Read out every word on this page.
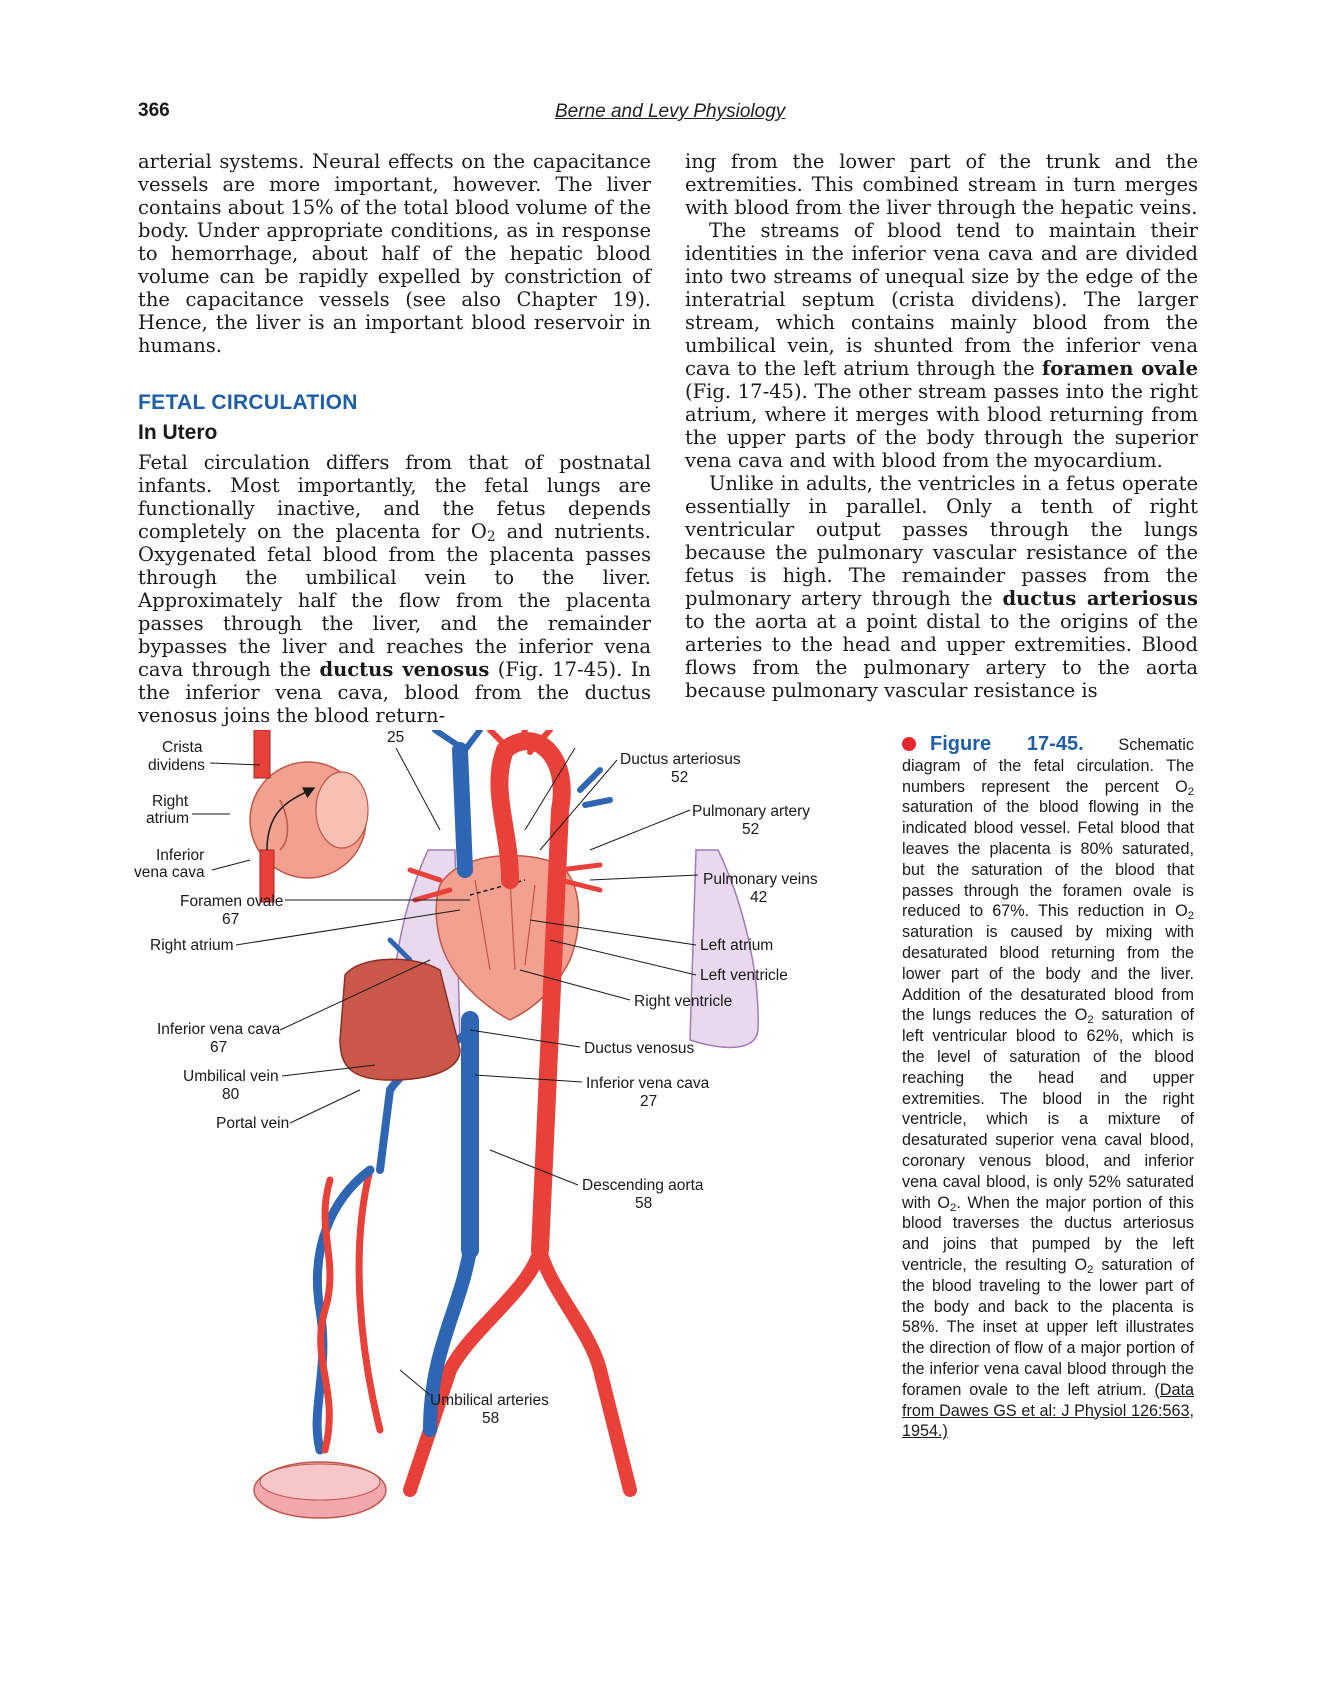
366	Berne and Levy Physiology

arterial systems. Neural effects on the capacitance vessels are more important, however. The liver contains about 15% of the total blood volume of the body. Under appropriate conditions, as in response to hemorrhage, about half of the hepatic blood volume can be rapidly expelled by constriction of the capacitance vessels (see also Chapter 19). Hence, the liver is an important blood reservoir in humans.

FETAL CIRCULATION
In Utero

Fetal circulation differs from that of postnatal infants. Most importantly, the fetal lungs are functionally inactive, and the fetus depends completely on the placenta for $O_2$ and nutrients. Oxygenated fetal blood from the placenta passes through the umbilical vein to the liver. Approximately half the flow from the placenta passes through the liver, and the remainder bypasses the liver and reaches the inferior vena cava through the ductus venosus (Fig. 17-45). In the inferior vena cava, blood from the ductus venosus joins the blood return-

ing from the lower part of the trunk and the extremities. This combined stream in turn merges with blood from the liver through the hepatic veins.

The streams of blood tend to maintain their identities in the inferior vena cava and are divided into two streams of unequal size by the edge of the interatrial septum (crista dividens). The larger stream, which contains mainly blood from the umbilical vein, is shunted from the inferior vena cava to the left atrium through the foramen ovale (Fig. 17-45). The other stream passes into the right atrium, where it merges with blood returning from the upper parts of the body through the superior vena cava and with blood from the myocardium.

Unlike in adults, the ventricles in a fetus operate essentially in parallel. Only a tenth of right ventricular output passes through the lungs because the pulmonary vascular resistance of the fetus is high. The remainder passes from the pulmonary artery through the ductus arteriosus to the aorta at a point distal to the origins of the arteries to the head and upper extremities. Blood flows from the pulmonary artery to the aorta because pulmonary vascular resistance is

Crista
dividens
Right
atrium
Inferior
vena cava
25
Ductus arteriosus
52
Pulmonary artery
52
Pulmonary veins
42
Foramen ovale
67
Right atrium	Left atrium
Left ventricle
Right ventricle
Inferior vena cava
67	Ductus venosus
Umbilical vein
80
Inferior vena cava
27
Portal vein
Descending aorta
58
Umbilical arteries
58
Figure 17-45. Schematic diagram of the fetal circulation. The numbers represent the percent $O_2$ saturation of the blood flowing in the indicated blood vessel. Fetal blood that leaves the placenta is 80% saturated, but the saturation of the blood that passes through the foramen ovale is reduced to 67%. This reduction in $O_2$ saturation is caused by mixing with desaturated blood returning from the lower part of the body and the liver. Addition of the desaturated blood from the lungs reduces the $O_2$ saturation of left ventricular blood to 62%, which is the level of saturation of the blood reaching the head and upper extremities. The blood in the right ventricle, which is a mixture of desaturated superior vena caval blood, coronary venous blood, and inferior vena caval blood, is only 52% saturated with $O_2$. When the major portion of this blood traverses the ductus arteriosus and joins that pumped by the left ventricle, the resulting $O_2$ saturation of the blood traveling to the lower part of the body and back to the placenta is 58%. The inset at upper left illustrates the direction of flow of a major portion of the inferior vena caval blood through the foramen ovale to the left atrium. (Data from Dawes GS et al: J Physiol 126:563, 1954.)
